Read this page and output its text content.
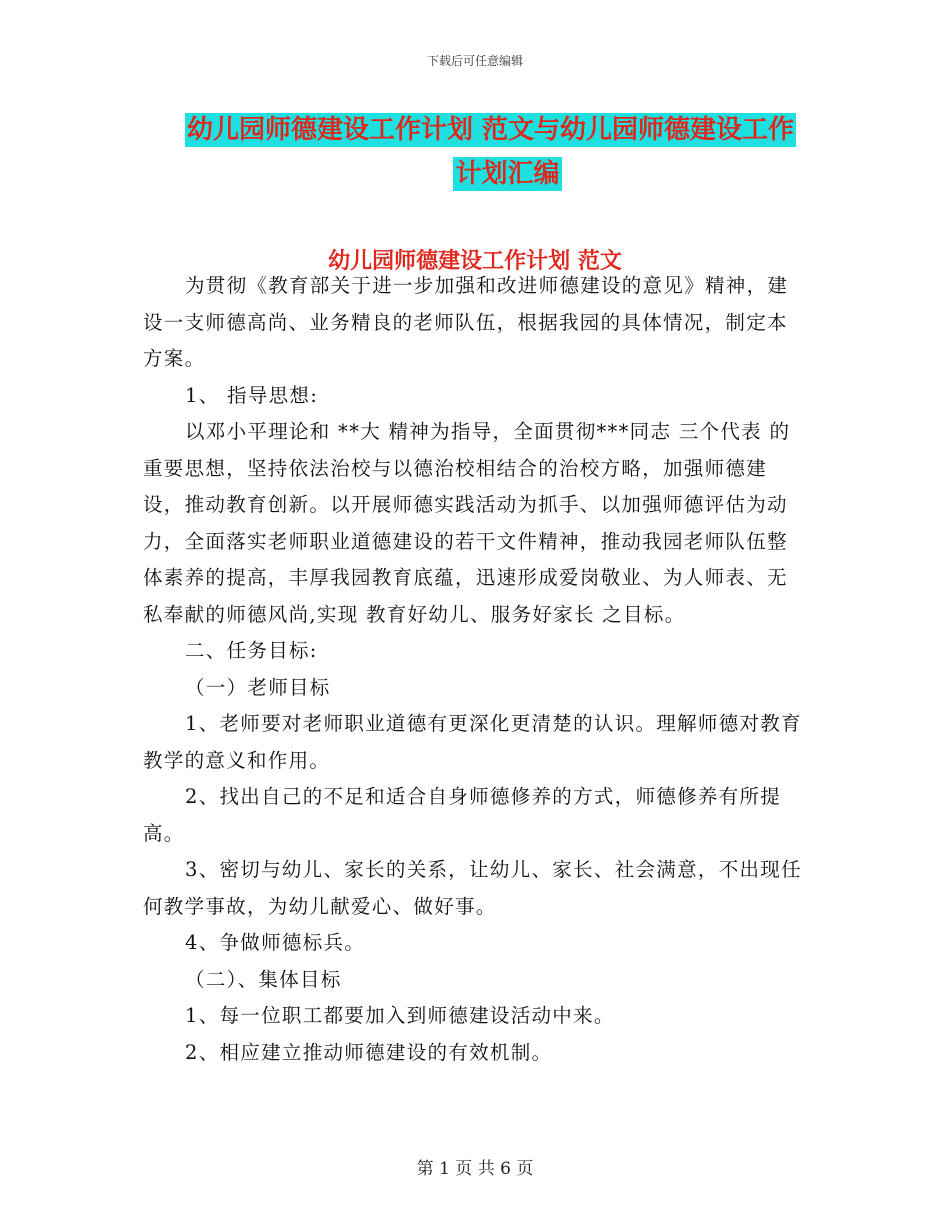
下载后可任意编辑
幼儿园师德建设工作计划 范文与幼儿园师德建设工作
计划汇编
幼儿园师德建设工作计划 范文

为贯彻《教育部关于进一步加强和改进师德建设的意见》精神，建设一支师德高尚、业务精良的老师队伍，根据我园的具体情况，制定本方案。

1、 指导思想:

以邓小平理论和 **大 精神为指导，全面贯彻***同志 三个代表 的重要思想，坚持依法治校与以德治校相结合的治校方略，加强师德建设，推动教育创新。以开展师德实践活动为抓手、以加强师德评估为动力，全面落实老师职业道德建设的若干文件精神，推动我园老师队伍整体素养的提高，丰厚我园教育底蕴，迅速形成爱岗敬业、为人师表、无私奉献的师德风尚,实现 教育好幼儿、服务好家长 之目标。

二、任务目标:

（一）老师目标

1、老师要对老师职业道德有更深化更清楚的认识。理解师德对教育教学的意义和作用。

2、找出自己的不足和适合自身师德修养的方式，师德修养有所提高。

3、密切与幼儿、家长的关系，让幼儿、家长、社会满意，不出现任何教学事故，为幼儿献爱心、做好事。

4、争做师德标兵。

（二）、集体目标

1、每一位职工都要加入到师德建设活动中来。

2、相应建立推动师德建设的有效机制。

第 1 页 共 6 页
